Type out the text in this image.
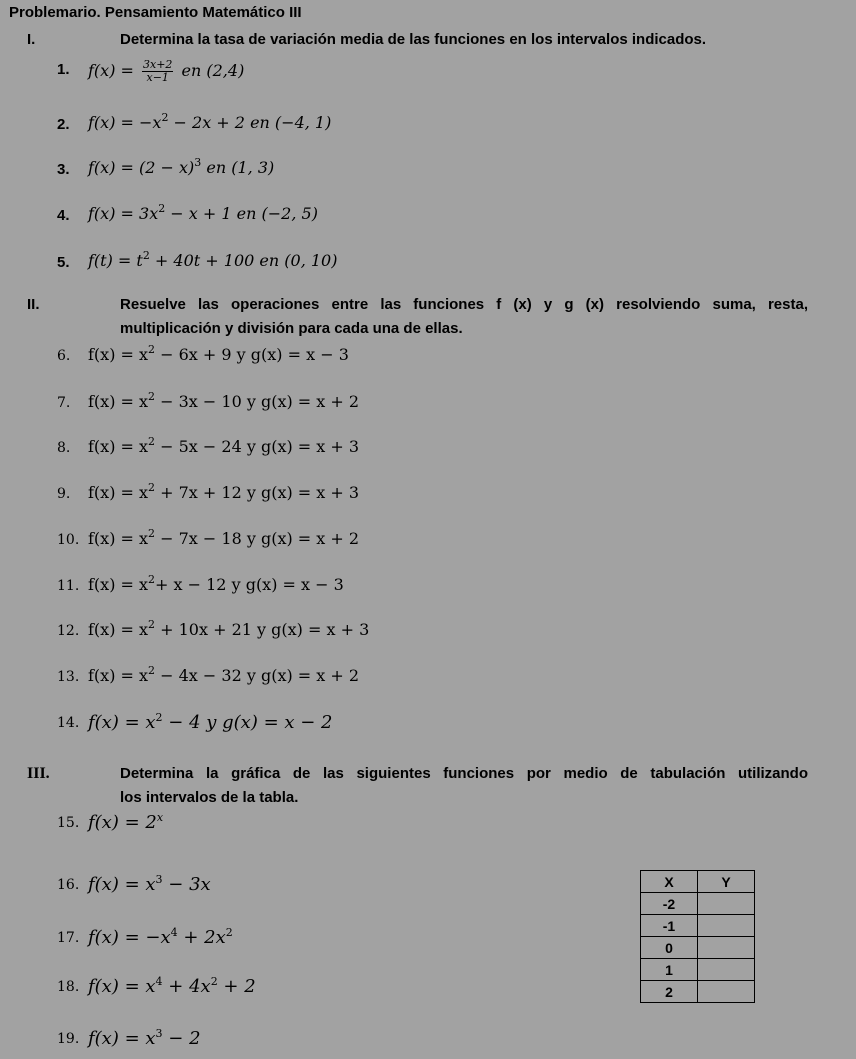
Problemario. Pensamiento Matemático III
I.	Determina la tasa de variación media de las funciones en los intervalos indicados.
1. $f(x) = \frac{3x+2}{x-1}$ en (2,4)
2. $f(x) = -x^2 - 2x + 2$ en (−4, 1)
3. $f(x) = (2 - x)^3$ en (1, 3)
4. $f(x) = 3x^2 - x + 1$ en (−2, 5)
5. $f(t) = t^2 + 40t + 100$ en (0, 10)
II.	Resuelve las operaciones entre las funciones f (x) y g (x) resolviendo suma, resta,
multiplicación y división para cada una de ellas.
6. $f(x) = x^2 - 6x + 9$ y g(x) = x − 3
7. $f(x) = x^2 - 3x - 10$ y g(x) = x + 2
8. $f(x) = x^2 - 5x - 24$ y g(x) = x + 3
9. $f(x) = x^2 + 7x + 12$ y g(x) = x + 3
10. $f(x) = x^2 - 7x - 18$ y g(x) = x + 2
11. $f(x) = x^2+ x - 12$ y g(x) = x − 3
12. $f(x) = x^2 + 10x + 21$ y g(x) = x + 3
13. $f(x) = x^2 - 4x - 32$ y g(x) = x + 2
14. $f(x) = x^2 - 4$ y g(x) = x − 2
III.	Determina la gráfica de las siguientes funciones por medio de tabulación utilizando
los intervalos de la tabla.
15. $f(x) = 2^x$
16. $f(x) = x^3 - 3x$
17. $f(x) = -x^4 + 2x^2$
18. $f(x) = x^4 + 4x^2 + 2$
19. $f(x) = x^3 - 2$
X	Y
-2	
-1	
0	
1	
2	
